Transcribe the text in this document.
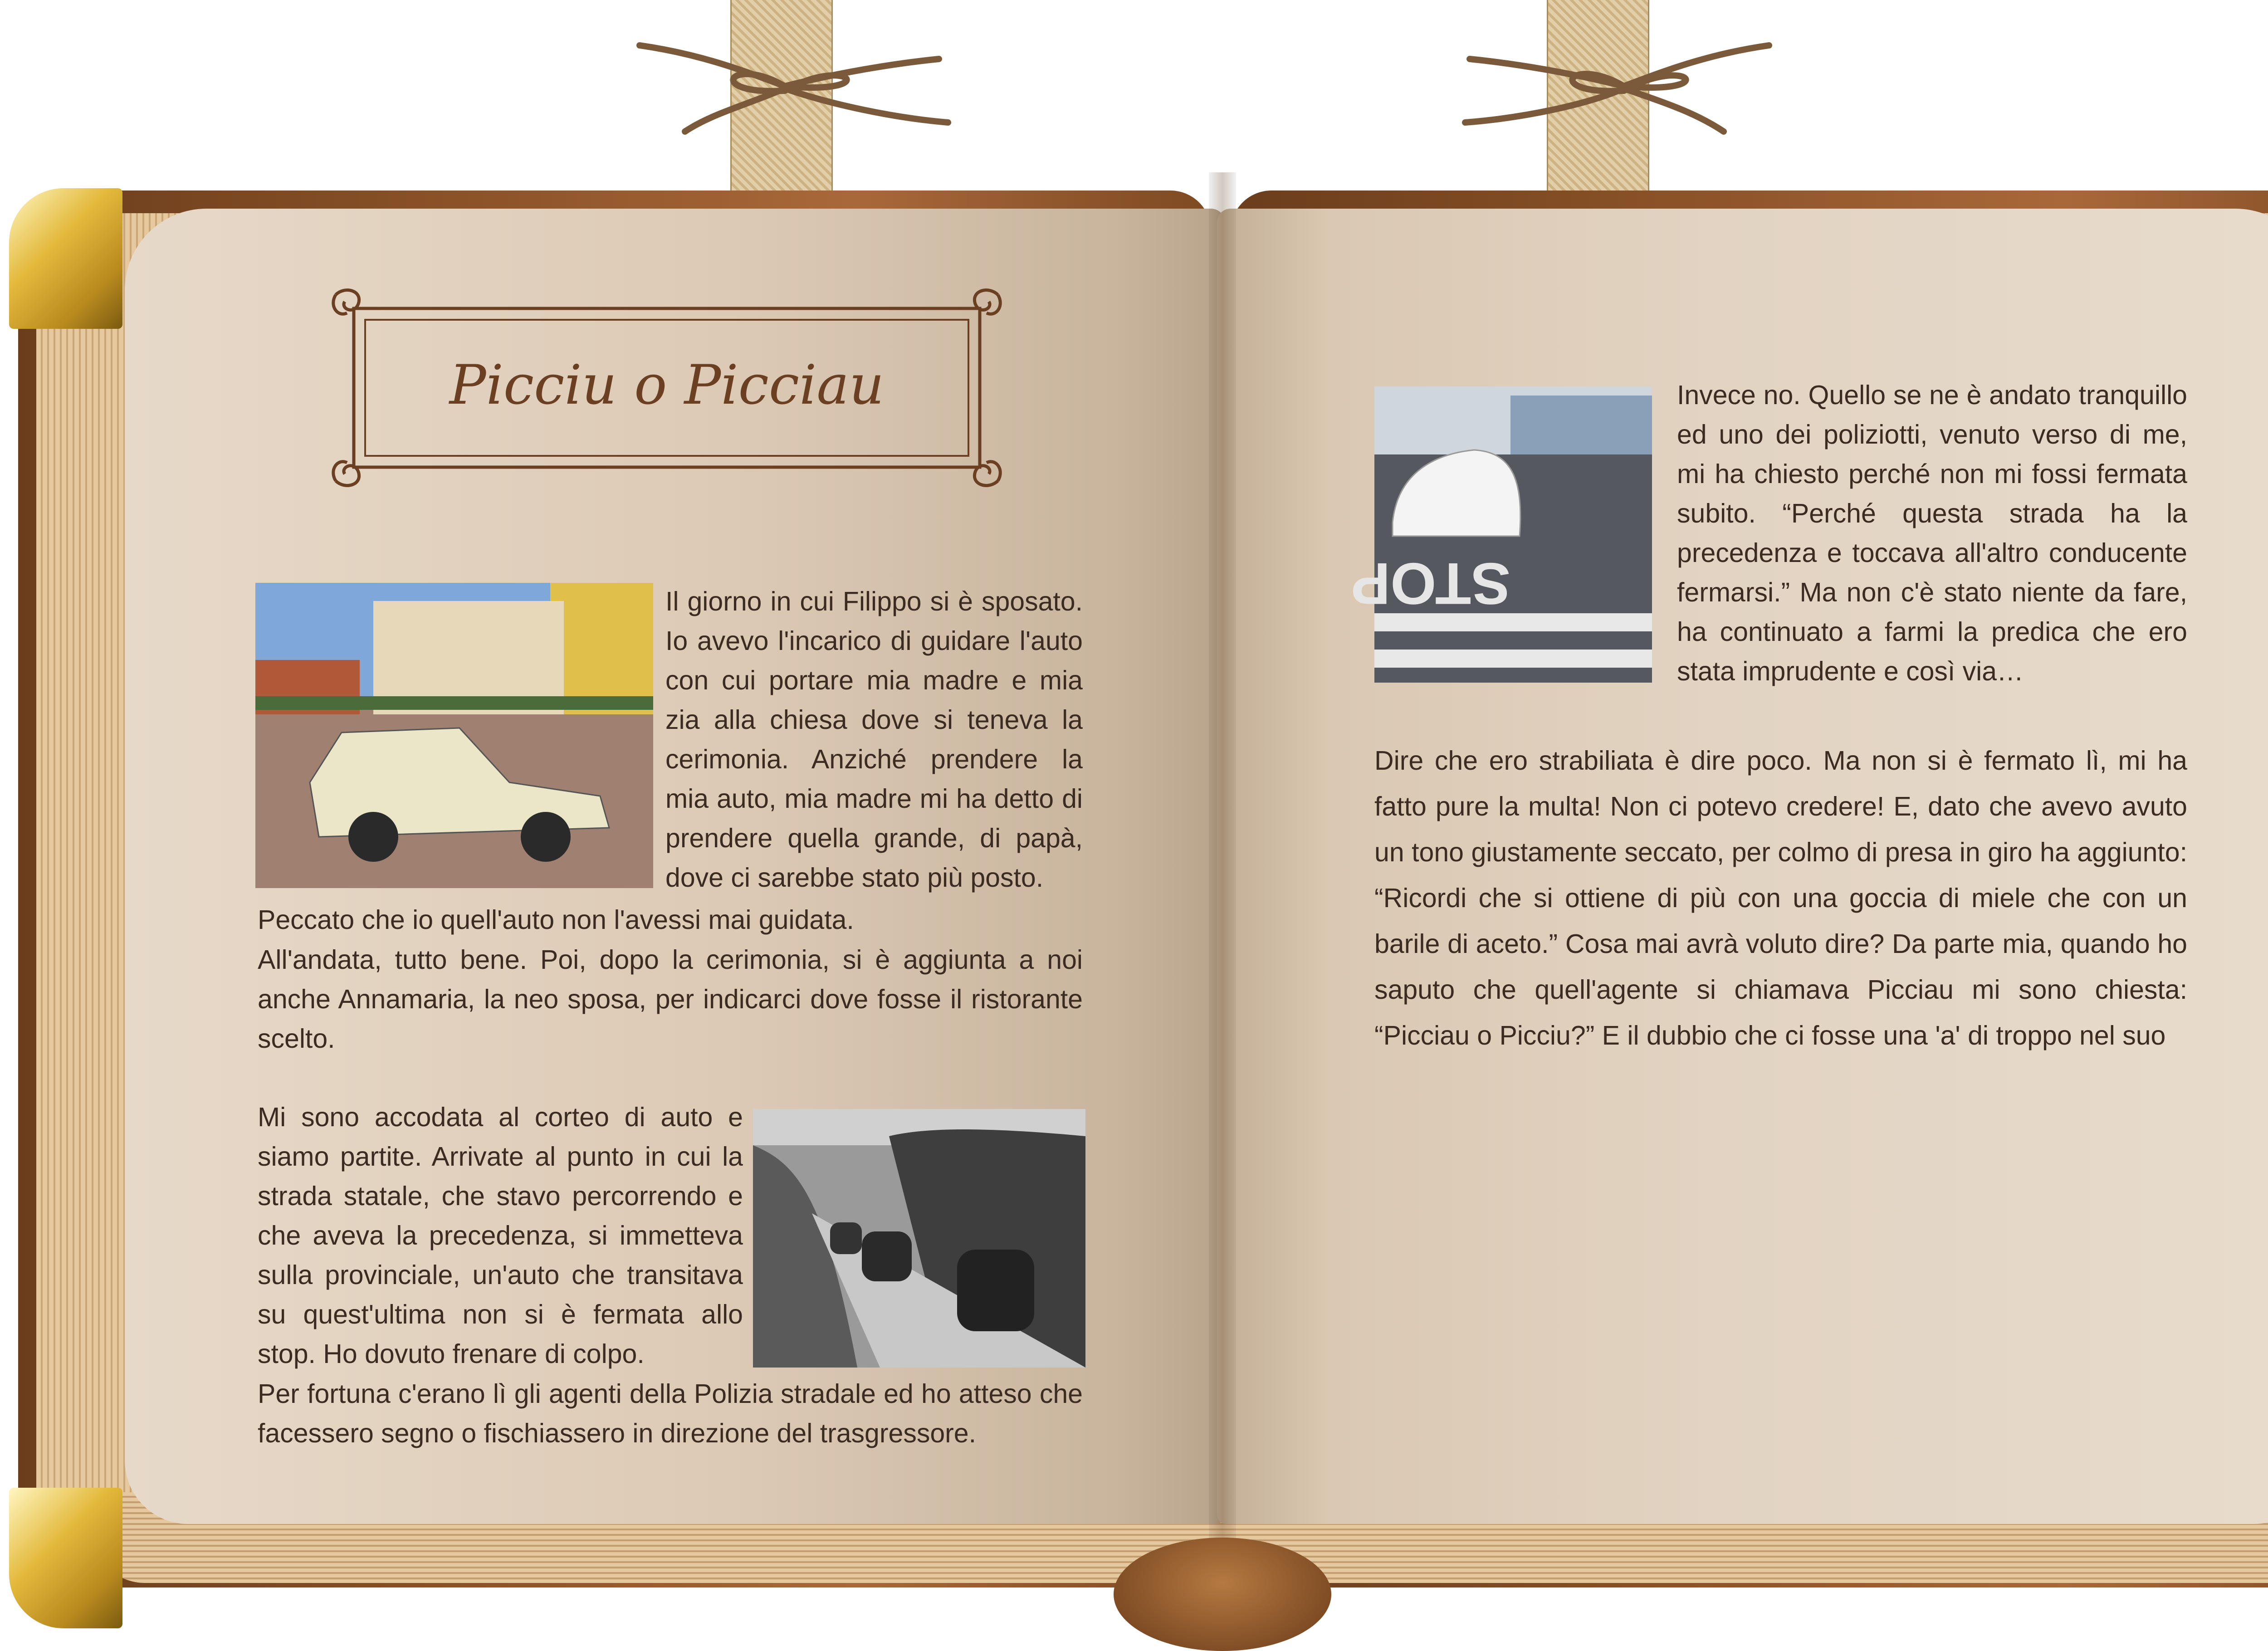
Picciu o Picciau

Il giorno in cui Filippo si è sposato. Io avevo l'incarico di guidare l'auto con cui portare mia madre e mia zia alla chiesa dove si teneva la cerimonia. Anziché prendere la mia auto, mia madre mi ha detto di prendere quella grande, di papà, dove ci sarebbe stato più posto.

Peccato che io quell'auto non l'avessi mai guidata.

All'andata, tutto bene. Poi, dopo la cerimonia, si è aggiunta a noi anche Annamaria, la neo sposa, per indicarci dove fosse il ristorante scelto.

Mi sono accodata al corteo di auto e siamo partite. Arrivate al punto in cui la strada statale, che stavo percorrendo e che aveva la precedenza, si immetteva sulla provinciale, un'auto che transitava su quest'ultima non si è fermata allo stop. Ho dovuto frenare di colpo.

Per fortuna c'erano lì gli agenti della Polizia stradale ed ho atteso che facessero segno o fischiassero in direzione del trasgressore.

STOP

Invece no. Quello se ne è andato tranquillo ed uno dei poliziotti, venuto verso di me, mi ha chiesto perché non mi fossi fermata subito. “Perché questa strada ha la precedenza e toccava all'altro conducente fermarsi.” Ma non c'è stato niente da fare, ha continuato a farmi la predica che ero stata imprudente e così via…

Dire che ero strabiliata è dire poco. Ma non si è fermato lì, mi ha fatto pure la multa! Non ci potevo credere! E, dato che avevo avuto un tono giustamente seccato, per colmo di presa in giro ha aggiunto: “Ricordi che si ottiene di più con una goccia di miele che con un barile di aceto.” Cosa mai avrà voluto dire? Da parte mia, quando ho saputo che quell'agente si chiamava Picciau mi sono chiesta: “Picciau o Picciu?” E il dubbio che ci fosse una 'a' di troppo nel suo
